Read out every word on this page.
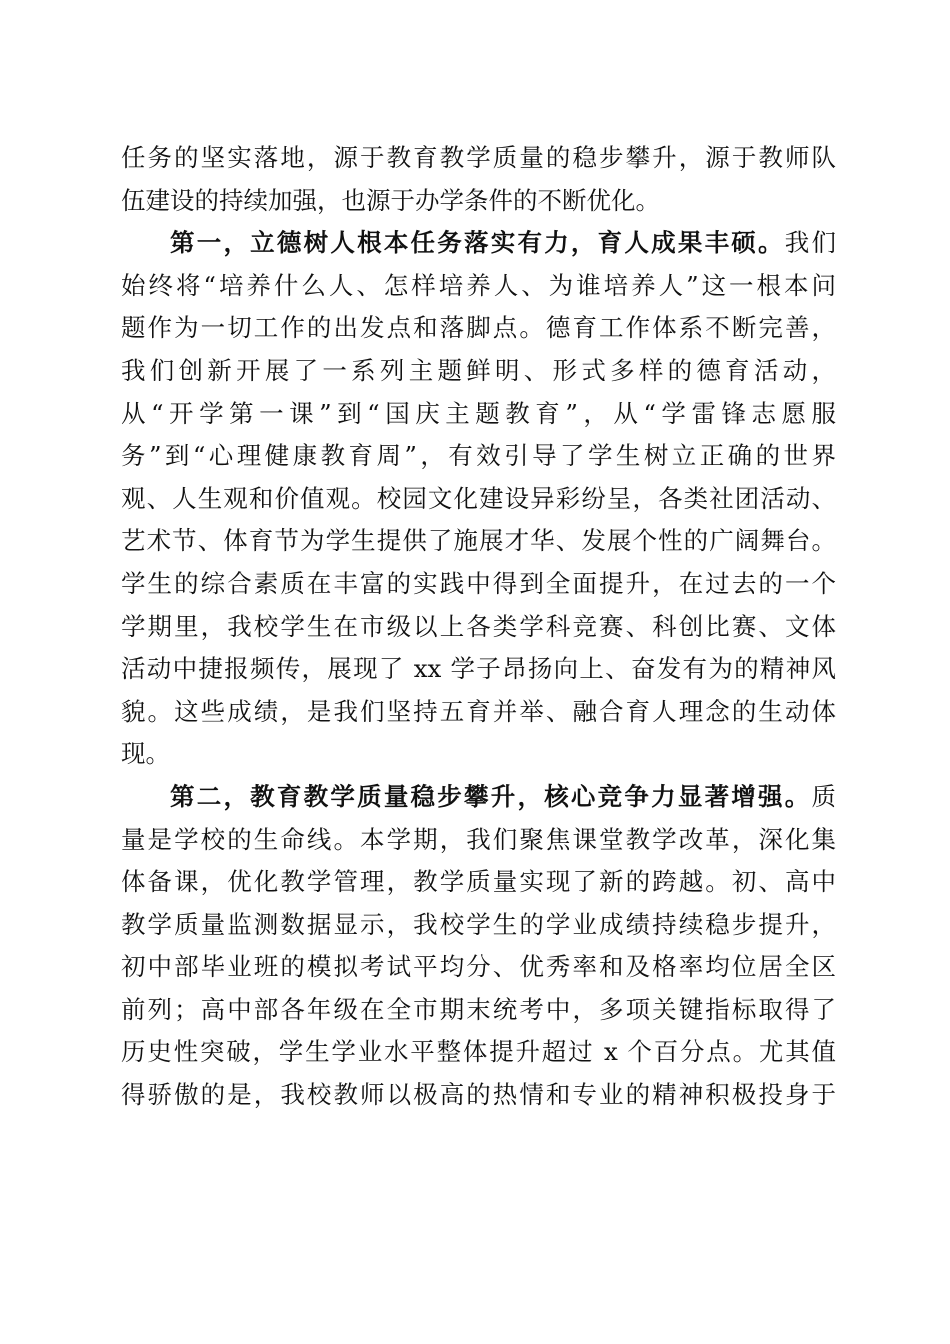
任务的坚实落地，源于教育教学质量的稳步攀升，源于教师队
伍建设的持续加强，也源于办学条件的不断优化。
第一，立德树人根本任务落实有力，育人成果丰硕。我们
始终将“培养什么人、怎样培养人、为谁培养人”这一根本问
题作为一切工作的出发点和落脚点。德育工作体系不断完善，
我们创新开展了一系列主题鲜明、形式多样的德育活动，
从“开学第一课”到“国庆主题教育”，从“学雷锋志愿服
务”到“心理健康教育周”，有效引导了学生树立正确的世界
观、人生观和价值观。校园文化建设异彩纷呈，各类社团活动、
艺术节、体育节为学生提供了施展才华、发展个性的广阔舞台。
学生的综合素质在丰富的实践中得到全面提升，在过去的一个
学期里，我校学生在市级以上各类学科竞赛、科创比赛、文体
活动中捷报频传，展现了 xx 学子昂扬向上、奋发有为的精神风
貌。这些成绩，是我们坚持五育并举、融合育人理念的生动体
现。
第二，教育教学质量稳步攀升，核心竞争力显著增强。质
量是学校的生命线。本学期，我们聚焦课堂教学改革，深化集
体备课，优化教学管理，教学质量实现了新的跨越。初、高中
教学质量监测数据显示，我校学生的学业成绩持续稳步提升，
初中部毕业班的模拟考试平均分、优秀率和及格率均位居全区
前列；高中部各年级在全市期末统考中，多项关键指标取得了
历史性突破，学生学业水平整体提升超过 x 个百分点。尤其值
得骄傲的是，我校教师以极高的热情和专业的精神积极投身于
